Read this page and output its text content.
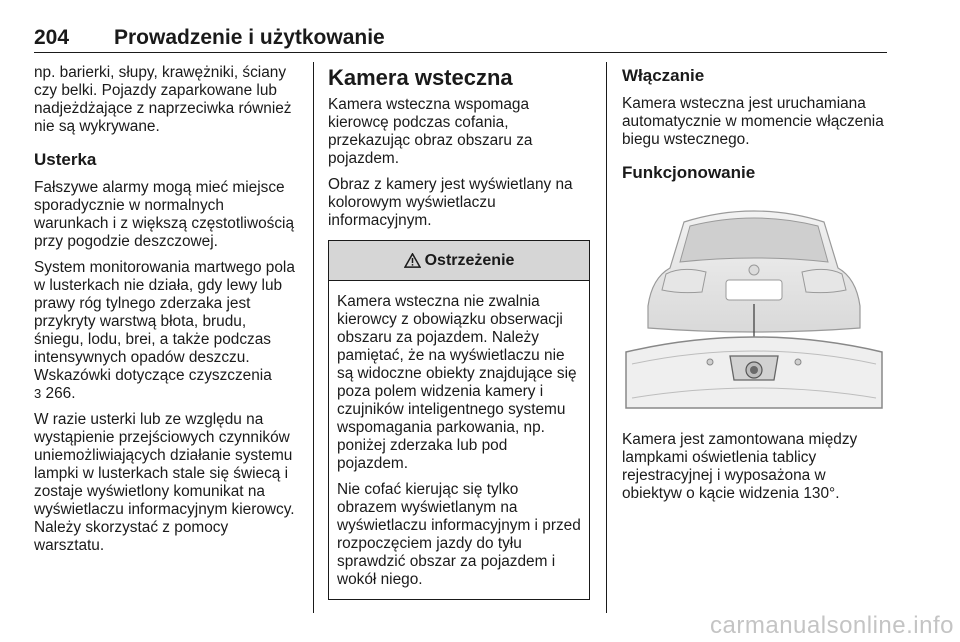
204 Prowadzenie i użytkowanie

np. barierki, słupy, krawężniki, ściany czy belki. Pojazdy zaparkowane lub nadjeżdżające z naprzeciwka również nie są wykrywane.

Usterka

Fałszywe alarmy mogą mieć miejsce sporadycznie w normalnych warunkach i z większą częstotliwością przy pogodzie deszczowej.

System monitorowania martwego pola w lusterkach nie działa, gdy lewy lub prawy róg tylnego zderzaka jest przykryty warstwą błota, brudu, śniegu, lodu, brei, a także podczas intensywnych opadów deszczu. Wskazówki dotyczące czyszczenia
3 266.

W razie usterki lub ze względu na wystąpienie przejściowych czynników uniemożliwiających działanie systemu lampki w lusterkach stale się świecą i zostaje wyświetlony komunikat na wyświetlaczu informacyjnym kierowcy. Należy skorzystać z pomocy warsztatu.

Kamera wsteczna

Kamera wsteczna wspomaga kierowcę podczas cofania, przekazując obraz obszaru za pojazdem.

Obraz z kamery jest wyświetlany na kolorowym wyświetlaczu informacyjnym.

Ostrzeżenie

Kamera wsteczna nie zwalnia kierowcy z obowiązku obserwacji obszaru za pojazdem. Należy pamiętać, że na wyświetlaczu nie są widoczne obiekty znajdujące się poza polem widzenia kamery i czujników inteligentnego systemu wspomagania parkowania, np. poniżej zderzaka lub pod pojazdem.

Nie cofać kierując się tylko obrazem wyświetlanym na wyświetlaczu informacyjnym i przed rozpoczęciem jazdy do tyłu sprawdzić obszar za pojazdem i wokół niego.

Włączanie

Kamera wsteczna jest uruchamiana automatycznie w momencie włączenia biegu wstecznego.

Funkcjonowanie

Kamera jest zamontowana między lampkami oświetlenia tablicy rejestracyjnej i wyposażona w obiektyw o kącie widzenia 130°.

carmanualsonline.info
